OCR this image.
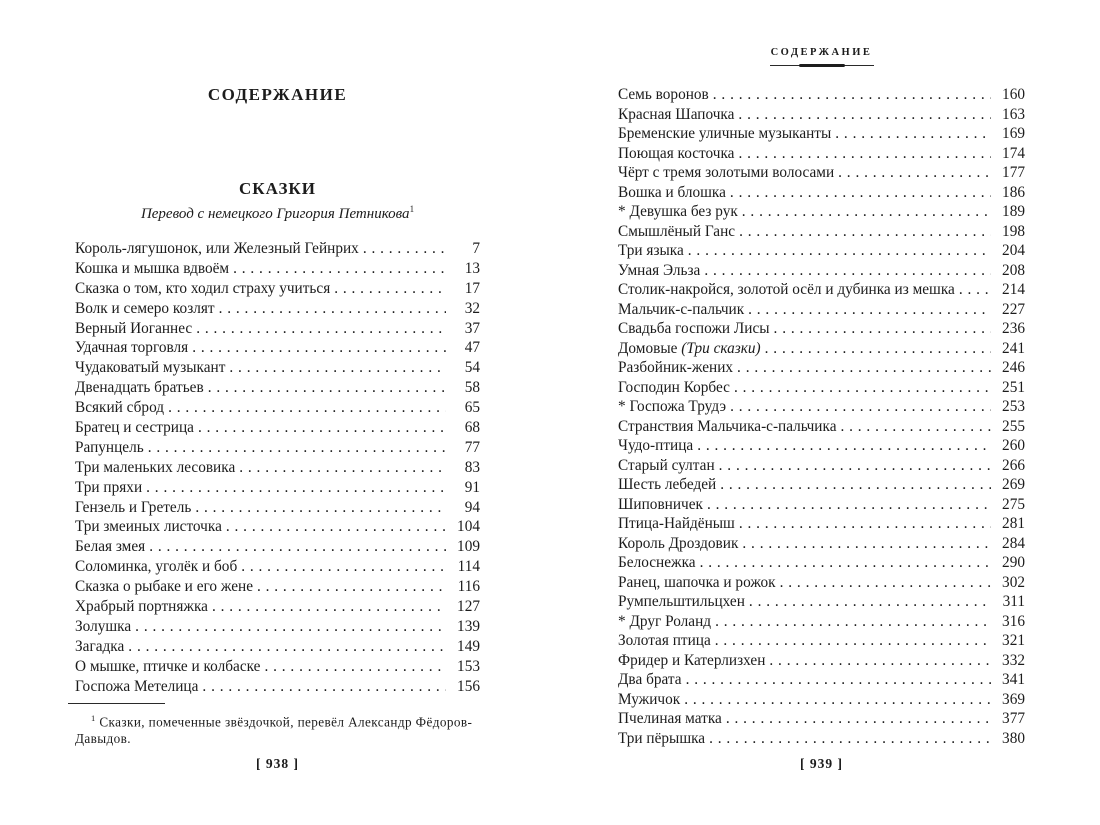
СОДЕРЖАНИЕ
СКАЗКИ
Перевод с немецкого Григория Петникова$^1$
Король-лягушонок, или Железный Гейнрих . . .	7
Кошка и мышка вдвоём . . .	13
Сказка о том, кто ходил страху учиться . . .	17
Волк и семеро козлят . . .	32
Верный Иоганнес . . .	37
Удачная торговля . . .	47
Чудаковатый музыкант . . .	54
Двенадцать братьев . . .	58
Всякий сброд . . .	65
Братец и сестрица . . .	68
Рапунцель . . .	77
Три маленьких лесовика . . .	83
Три пряхи . . .	91
Гензель и Гретель . . .	94
Три змеиных листочка . . .	104
Белая змея . . .	109
Соломинка, уголёк и боб . . .	114
Сказка о рыбаке и его жене . . .	116
Храбрый портняжка . . .	127
Золушка . . .	139
Загадка . . .	149
О мышке, птичке и колбаске . . .	153
Госпожа Метелица . . .	156
$^1$ Сказки, помеченные звёздочкой, перевёл Александр Фёдоров-Давыдов.
[ 938 ]
СОДЕРЖАНИЕ
Семь воронов . . .	160
Красная Шапочка . . .	163
Бременские уличные музыканты . . .	169
Поющая косточка . . .	174
Чёрт с тремя золотыми волосами . . .	177
Вошка и блошка . . .	186
* Девушка без рук . . .	189
Смышлёный Ганс . . .	198
Три языка . . .	204
Умная Эльза . . .	208
Столик-накройся, золотой осёл и дубинка из мешка . . .	214
Мальчик-с-пальчик . . .	227
Свадьба госпожи Лисы . . .	236
Домовые (Три сказки) . . .	241
Разбойник-жених . . .	246
Господин Корбес . . .	251
* Госпожа Трудэ . . .	253
Странствия Мальчика-с-пальчика . . .	255
Чудо-птица . . .	260
Старый султан . . .	266
Шесть лебедей . . .	269
Шиповничек . . .	275
Птица-Найдёныш . . .	281
Король Дроздовик . . .	284
Белоснежка . . .	290
Ранец, шапочка и рожок . . .	302
Румпельштильцхен . . .	311
* Друг Роланд . . .	316
Золотая птица . . .	321
Фридер и Катерлизхен . . .	332
Два брата . . .	341
Мужичок . . .	369
Пчелиная матка . . .	377
Три пёрышка . . .	380
[ 939 ]
